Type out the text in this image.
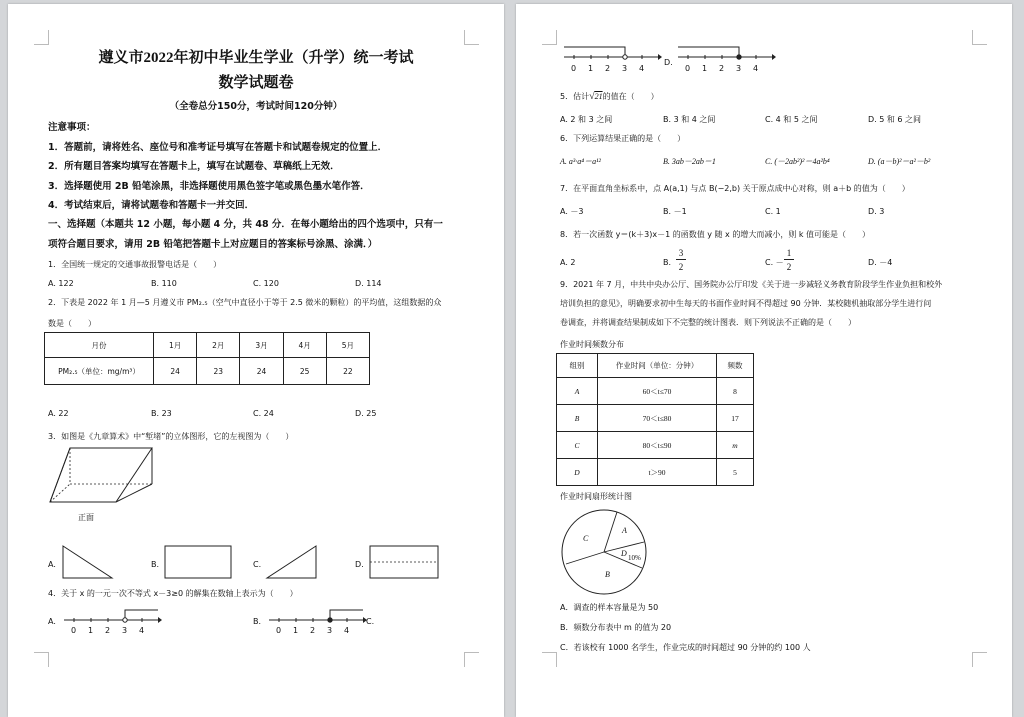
遵义市2022年初中毕业生学业（升学）统一考试
数学试题卷
（全卷总分150分，考试时间120分钟）
注意事项：
1．答题前，请将姓名、座位号和准考证号填写在答题卡和试题卷规定的位置上．
2．所有题目答案均填写在答题卡上，填写在试题卷、草稿纸上无效．
3．选择题使用 2B 铅笔涂黑，非选择题使用黑色签字笔或黑色墨水笔作答．
4．考试结束后，请将试题卷和答题卡一并交回．
一、选择题（本题共 12 小题，每小题 4 分，共 48 分．在每小题给出的四个选项中，只有一
项符合题目要求，请用 2B 铅笔把答题卡上对应题目的答案标号涂黑、涂满．）
1．全国统一规定的交通事故报警电话是（　　）
A. 122	B. 110	C. 120	D. 114
2．下表是 2022 年 1 月—5 月遵义市 PM₂.₅（空气中直径小于等于 2.5 微米的颗粒）的平均值，这组数据的众
数是（　　）
月份	1月	2月	3月	4月	5月
PM₂.₅（单位：mg/m³）	24	23	24	25	22
A. 22	B. 23	C. 24	D. 25
3．如图是《九章算术》中“堑堵”的立体图形，它的左视图为（　　）
正面
A.	B.	C.	D.
4．关于 x 的一元一次不等式 x－3≥0 的解集在数轴上表示为（　　）
A.
0 1 2 3 4
B.
0 1 2 3 4
C.
0 1 2 3 4
D.
0 1 2 3 4
5．估计√21的值在（　　）
A. 2 和 3 之间	B. 3 和 4 之间	C. 4 和 5 之间	D. 5 和 6 之间
6．下列运算结果正确的是（　　）
A. a³·a⁴＝a¹²	B. 3ab－2ab＝1	C. (－2ab²)²＝4a²b⁴	D. (a－b)²＝a²－b²
7．在平面直角坐标系中，点 A(a,1) 与点 B(−2,b) 关于原点成中心对称，则 a＋b 的值为（　　）
A. －3	B. －1	C. 1	D. 3
8．若一次函数 y＝(k＋3)x－1 的函数值 y 随 x 的增大而减小，则 k 值可能是（　　）
A. 2	B.
3
2	C. －
1
2	D. －4
9．2021 年 7 月，中共中央办公厅、国务院办公厅印发《关于进一步减轻义务教育阶段学生作业负担和校外
培训负担的意见》，明确要求初中生每天的书面作业时间不得超过 90 分钟．某校随机抽取部分学生进行问
卷调查，并将调查结果制成如下不完整的统计图表．则下列说法不正确的是（　　）
作业时间频数分布
组别	作业时间（单位：分钟）	频数
A	60＜t≤70	8
B	70＜t≤80	17
C	80＜t≤90	m
D	t＞90	5
作业时间扇形统计图
A
B
C
D 10%
A．调查的样本容量是为 50
B．频数分布表中 m 的值为 20
C．若该校有 1000 名学生，作业完成的时间超过 90 分钟的约 100 人
